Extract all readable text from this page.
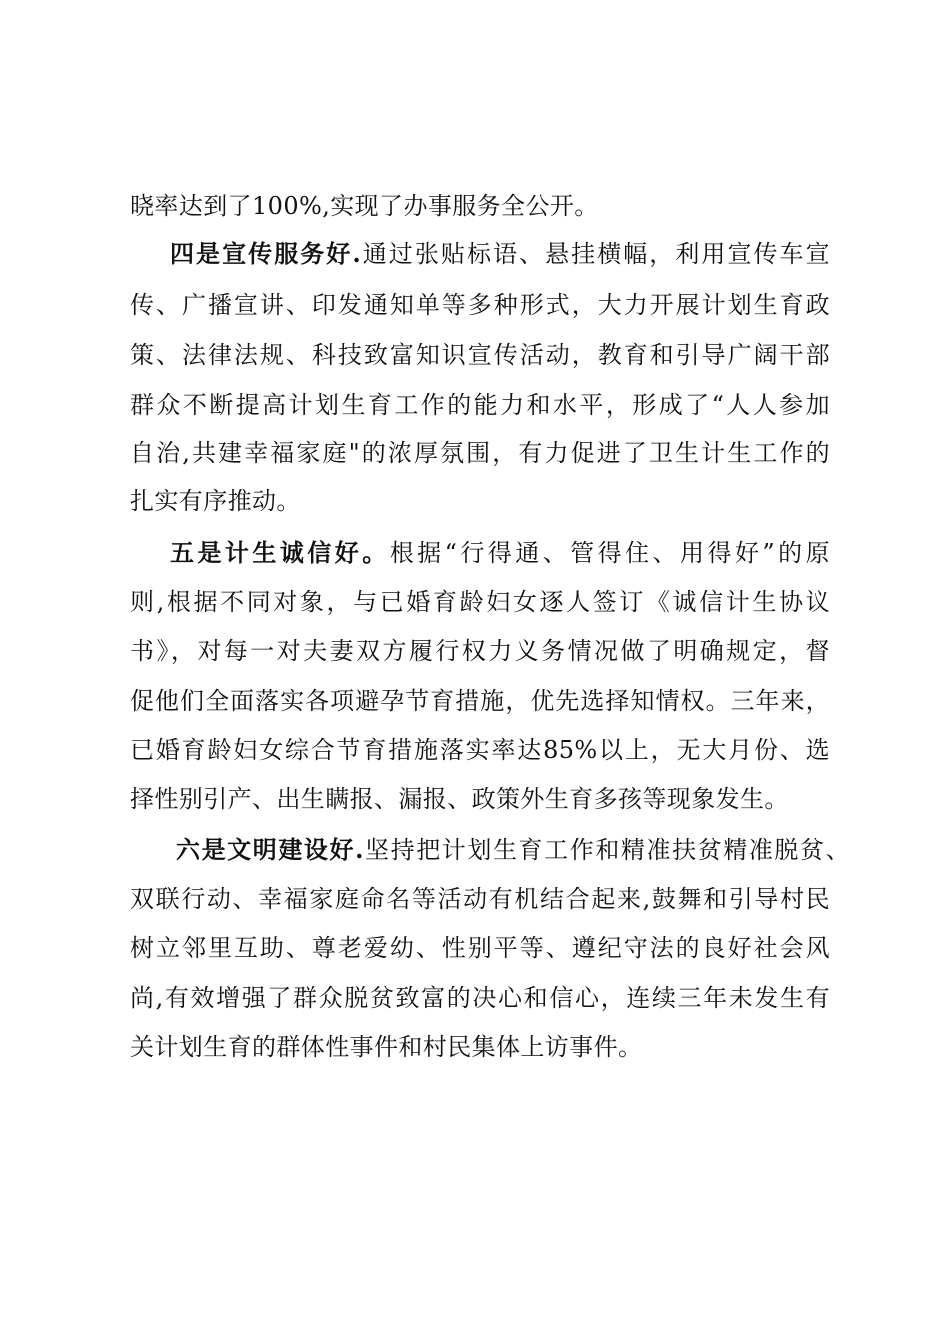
晓率达到了100%,实现了办事服务全公开。
四是宣传服务好.通过张贴标语、悬挂横幅，利用宣传车宣
传、广播宣讲、印发通知单等多种形式，大力开展计划生育政
策、法律法规、科技致富知识宣传活动，教育和引导广阔干部
群众不断提高计划生育工作的能力和水平，形成了“人人参加
自治,共建幸福家庭"的浓厚氛围，有力促进了卫生计生工作的
扎实有序推动。
五是计生诚信好。根据“行得通、管得住、用得好”的原
则,根据不同对象，与已婚育龄妇女逐人签订《诚信计生协议
书》，对每一对夫妻双方履行权力义务情况做了明确规定，督
促他们全面落实各项避孕节育措施，优先选择知情权。三年来，
已婚育龄妇女综合节育措施落实率达85%以上，无大月份、选
择性别引产、出生瞒报、漏报、政策外生育多孩等现象发生。
六是文明建设好.坚持把计划生育工作和精准扶贫精准脱贫、
双联行动、幸福家庭命名等活动有机结合起来,鼓舞和引导村民
树立邻里互助、尊老爱幼、性别平等、遵纪守法的良好社会风
尚,有效增强了群众脱贫致富的决心和信心，连续三年未发生有
关计划生育的群体性事件和村民集体上访事件。
